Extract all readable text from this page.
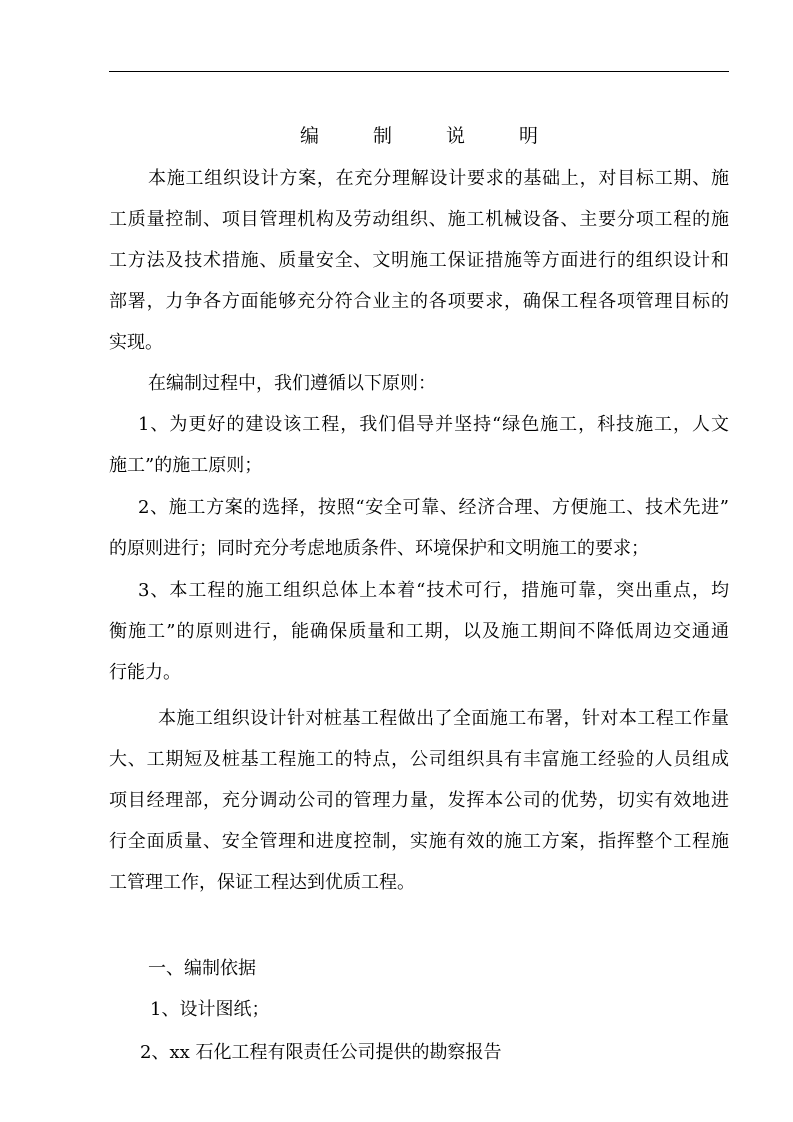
编 制 说 明
本施工组织设计方案，在充分理解设计要求的基础上，对目标工期、施
工质量控制、项目管理机构及劳动组织、施工机械设备、主要分项工程的施
工方法及技术措施、质量安全、文明施工保证措施等方面进行的组织设计和
部署，力争各方面能够充分符合业主的各项要求，确保工程各项管理目标的
实现。
在编制过程中，我们遵循以下原则：
1、为更好的建设该工程，我们倡导并坚持“绿色施工，科技施工，人文
施工”的施工原则；
2、施工方案的选择，按照“安全可靠、经济合理、方便施工、技术先进”
的原则进行；同时充分考虑地质条件、环境保护和文明施工的要求；
3、本工程的施工组织总体上本着“技术可行，措施可靠，突出重点，均
衡施工”的原则进行，能确保质量和工期，以及施工期间不降低周边交通通
行能力。
本施工组织设计针对桩基工程做出了全面施工布署，针对本工程工作量
大、工期短及桩基工程施工的特点，公司组织具有丰富施工经验的人员组成
项目经理部，充分调动公司的管理力量，发挥本公司的优势，切实有效地进
行全面质量、安全管理和进度控制，实施有效的施工方案，指挥整个工程施
工管理工作，保证工程达到优质工程。
一、编制依据
1、设计图纸；
2、xx 石化工程有限责任公司提供的勘察报告
